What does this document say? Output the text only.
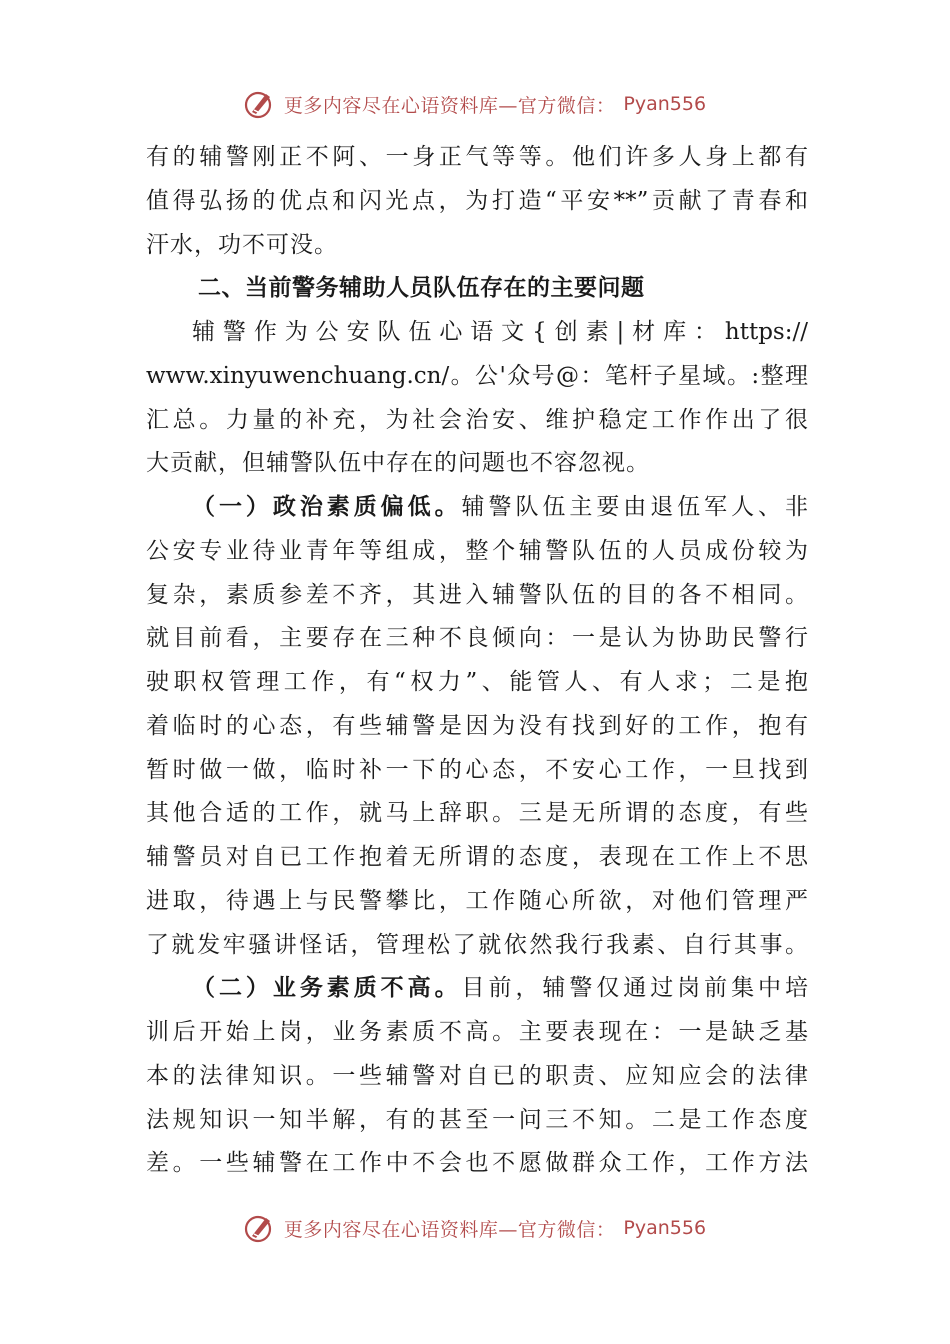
更多内容尽在心语资料库—官方微信： Pyan556
有的辅警刚正不阿、一身正气等等。他们许多人身上都有
值得弘扬的优点和闪光点，为打造“平安**”贡献了青春和
汗水，功不可没。
二、当前警务辅助人员队伍存在的主要问题
辅警作为公安队伍心语文{创素|材库：https://
www.xinyuwenchuang.cn/。公'众号@：笔杆子星域。:整理
汇总。力量的补充，为社会治安、维护稳定工作作出了很
大贡献，但辅警队伍中存在的问题也不容忽视。
（一）政治素质偏低。辅警队伍主要由退伍军人、非
公安专业待业青年等组成，整个辅警队伍的人员成份较为
复杂，素质参差不齐，其进入辅警队伍的目的各不相同。
就目前看，主要存在三种不良倾向：一是认为协助民警行
驶职权管理工作，有“权力”、能管人、有人求；二是抱
着临时的心态，有些辅警是因为没有找到好的工作，抱有
暂时做一做，临时补一下的心态，不安心工作，一旦找到
其他合适的工作，就马上辞职。三是无所谓的态度，有些
辅警员对自已工作抱着无所谓的态度，表现在工作上不思
进取，待遇上与民警攀比，工作随心所欲，对他们管理严
了就发牢骚讲怪话，管理松了就依然我行我素、自行其事。
（二）业务素质不高。目前，辅警仅通过岗前集中培
训后开始上岗，业务素质不高。主要表现在：一是缺乏基
本的法律知识。一些辅警对自已的职责、应知应会的法律
法规知识一知半解，有的甚至一问三不知。二是工作态度
差。一些辅警在工作中不会也不愿做群众工作，工作方法
更多内容尽在心语资料库—官方微信： Pyan556
